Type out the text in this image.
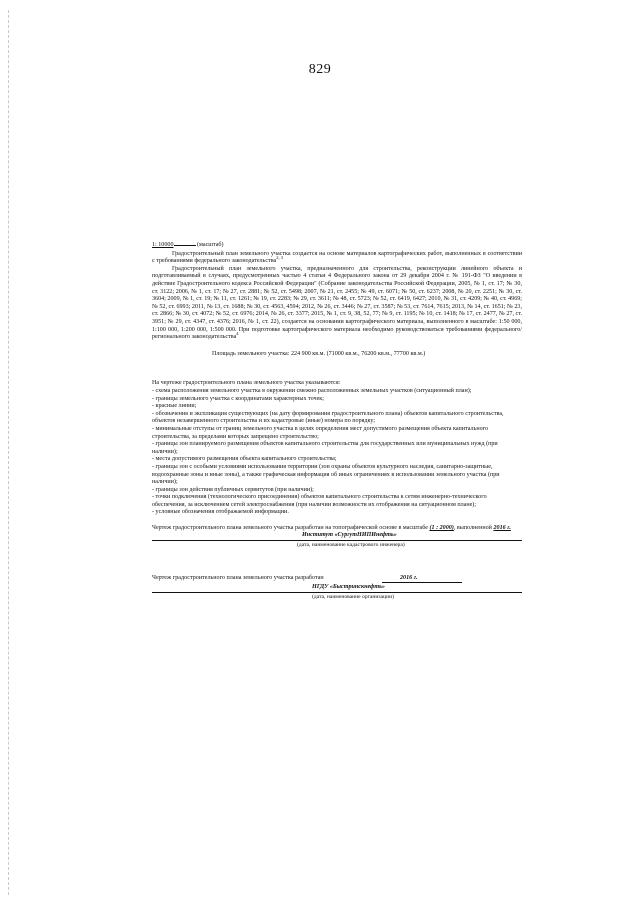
829
1: 10000	(масштаб)

Градостроительный план земельного участка создается на основе материалов картографических работ, выполненных в соответствии с требованиями федерального законодательства$^{2, 3}$

Градостроительный план земельного участка, предназначенного для строительства, реконструкции линейного объекта и подготавливаемый в случаях, предусмотренных частью 4 статьи 4 Федерального закона от 29 декабря 2004 г. № 191-ФЗ "О введении в действие Градостроительного кодекса Российской Федерации" (Собрание законодательства Российской Федерации, 2005, № 1, ст. 17; № 30, ст. 3122; 2006, № 1, ст. 17; № 27, ст. 2881; № 52, ст. 5498; 2007, № 21, ст. 2455; № 49, ст. 6071; № 50, ст. 6237; 2008, № 20, ст. 2251; № 30, ст. 3604; 2009, № 1, ст. 19; № 11, ст. 1261; № 19, ст. 2283; № 29, ст. 3611; № 48, ст. 5723; № 52, ст. 6419, 6427; 2010, № 31, ст. 4209; № 40, ст. 4969; № 52, ст. 6993; 2011, № 13, ст. 1688; № 30, ст. 4563, 4594; 2012, № 26, ст. 3446; № 27, ст. 3587; № 53, ст. 7614, 7615; 2013, № 14, ст. 1651; № 23, ст. 2866; № 30, ст. 4072; № 52, ст. 6976; 2014, № 26, ст. 3377; 2015, № 1, ст. 9, 38, 52, 77; № 9, ст. 1195; № 10, ст. 1418; № 17, ст. 2477, № 27, ст. 3951; № 29, ст. 4347, ст. 4376; 2016, № 1, ст. 22), создается на основании картографического материала, выполненного в масштабе: 1:50 000, 1:100 000, 1:200 000, 1:500 000. При подготовке картографического материала необходимо руководствоваться требованиями федерального/регионального законодательства$^4$

Площадь земельного участка: 224 900 кв.м. (71000 кв.м., 76200 кв.м., 77700 кв.м.)

На чертеже градостроительного плана земельного участка указываются:

- схема расположения земельного участка в окружении смежно расположенных земельных участков (ситуационный план);

- границы земельного участка с координатами характерных точек;

- красные линии;

- обозначения и экспликация существующих (на дату формирования градостроительного плана) объектов капитального строительства, объектов незавершенного строительства и их кадастровые (иные) номера по порядку;

- минимальные отступы от границ земельного участка в целях определения мест допустимого размещения объекта капитального строительства, за пределами которых запрещено строительство;

- границы зон планируемого размещения объектов капитального строительства для государственных или муниципальных нужд (при наличии);

- места допустимого размещения объекта капитального строительства;

- границы зон с особыми условиями использования территории (зон охраны объектов культурного наследия, санитарно-защитные, водоохранные зоны и иные зоны), а также графическая информация об иных ограничениях в использовании земельного участка (при наличии);

- границы зон действия публичных сервитутов (при наличии);

- точки подключения (технологического присоединения) объектов капитального строительства к сетям инженерно-технического обеспечения, за исключением сетей электроснабжения (при наличии возможности их отображения на ситуационном плане);

- условные обозначения отображаемой информации.

Чертеж градостроительного плана земельного участка разработан на топографической основе в масштабе (1 : 2000), выполненной 2016 г.
Институт «СургутНИПИнефть»
(дата, наименование кадастрового инженера)
Чертеж градостроительного плана земельного участка разработан	2016 г.
НГДУ «Быстринскнефть»
(дата, наименование организации)
